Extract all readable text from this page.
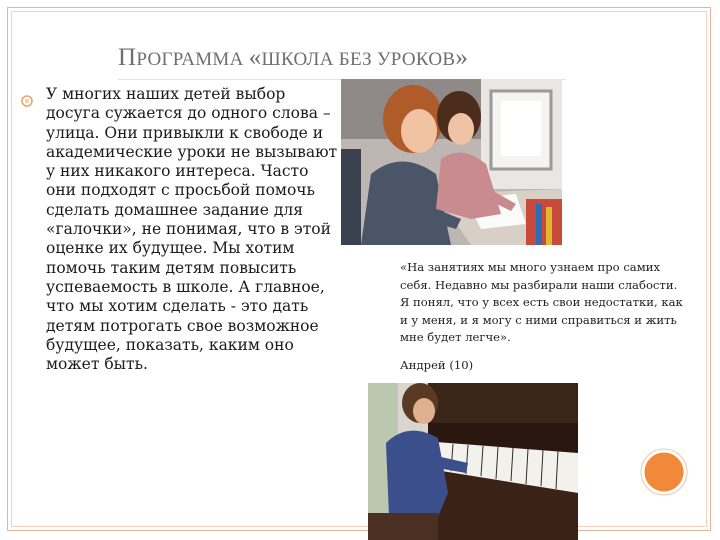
ПРОГРАММА «ШКОЛА БЕЗ УРОКОВ»
У многих наших детей выбор досуга сужается до одного слова – улица. Они привыкли к свободе и академические уроки не вызывают у них никакого интереса. Часто они подходят с просьбой помочь сделать домашнее задание для «галочки», не понимая, что в этой оценке их будущее. Мы хотим помочь таким детям повысить успеваемость в школе. А главное, что мы хотим сделать - это дать детям потрогать свое возможное будущее, показать, каким оно может быть.
«На занятиях мы много узнаем про самих себя. Недавно мы разбирали наши слабости. Я понял, что у всех есть свои недостатки, как и у меня, и я могу с ними справиться и жить мне будет легче».
Андрей (10)
